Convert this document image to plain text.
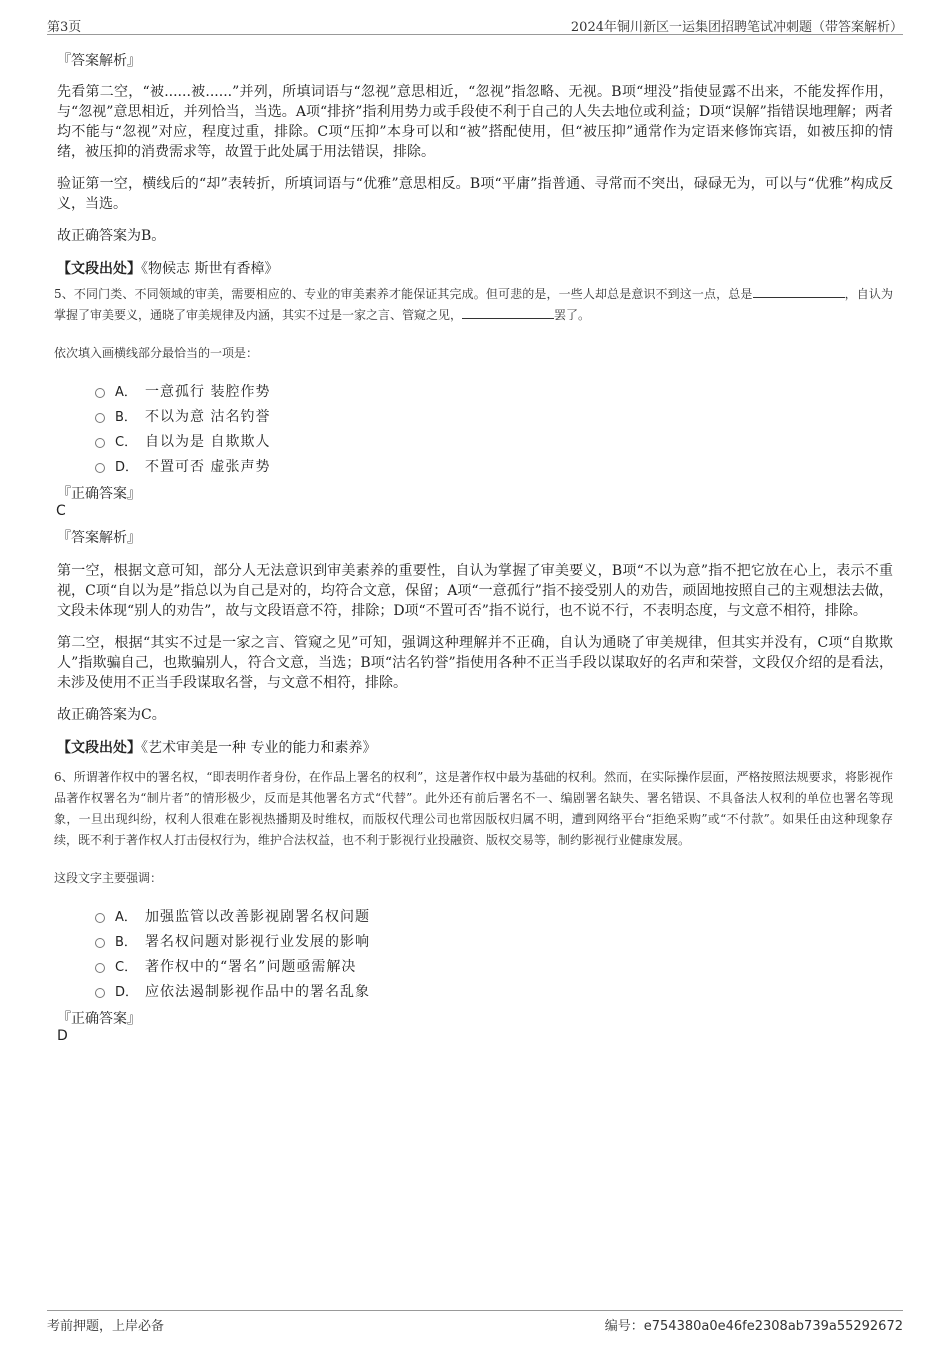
第3页	2024年铜川新区一运集团招聘笔试冲刺题（带答案解析）
『答案解析』

先看第二空，“被......被......”并列，所填词语与“忽视”意思相近，“忽视”指忽略、无视。B项“埋没”指使显露不出来，不能发挥作用，与“忽视”意思相近，并列恰当，当选。A项“排挤”指利用势力或手段使不利于自己的人失去地位或利益；D项“误解”指错误地理解；两者均不能与“忽视”对应，程度过重，排除。C项“压抑”本身可以和“被”搭配使用，但“被压抑”通常作为定语来修饰宾语，如被压抑的情绪，被压抑的消费需求等，故置于此处属于用法错误，排除。

验证第一空，横线后的“却”表转折，所填词语与“优雅”意思相反。B项“平庸”指普通、寻常而不突出，碌碌无为，可以与“优雅”构成反义，当选。

故正确答案为B。

【文段出处】《物候志 斯世有香樟》
5、不同门类、不同领域的审美，需要相应的、专业的审美素养才能保证其完成。但可悲的是，一些人却总是意识不到这一点，总是	，自认为掌握了审美要义，通晓了审美规律及内涵，其实不过是一家之言、管窥之见，	罢了。
依次填入画横线部分最恰当的一项是：
A． 一意孤行 装腔作势
B． 不以为意 沽名钓誉
C． 自以为是 自欺欺人
D． 不置可否 虚张声势
『正确答案』
C
『答案解析』

第一空，根据文意可知，部分人无法意识到审美素养的重要性，自认为掌握了审美要义，B项“不以为意”指不把它放在心上，表示不重视，C项“自以为是”指总以为自己是对的，均符合文意，保留；A项“一意孤行”指不接受别人的劝告，顽固地按照自己的主观想法去做，文段未体现“别人的劝告”，故与文段语意不符，排除；D项“不置可否”指不说行，也不说不行，不表明态度，与文意不相符，排除。

第二空，根据“其实不过是一家之言、管窥之见”可知，强调这种理解并不正确，自认为通晓了审美规律，但其实并没有，C项“自欺欺人”指欺骗自己，也欺骗别人，符合文意，当选；B项“沽名钓誉”指使用各种不正当手段以谋取好的名声和荣誉，文段仅介绍的是看法，未涉及使用不正当手段谋取名誉，与文意不相符，排除。

故正确答案为C。

【文段出处】《艺术审美是一种 专业的能力和素养》
6、所谓著作权中的署名权，“即表明作者身份，在作品上署名的权利”，这是著作权中最为基础的权利。然而，在实际操作层面，严格按照法规要求，将影视作品著作权署名为“制片者”的情形极少，反而是其他署名方式“代替”。此外还有前后署名不一、编剧署名缺失、署名错误、不具备法人权利的单位也署名等现象，一旦出现纠纷，权利人很难在影视热播期及时维权，而版权代理公司也常因版权归属不明，遭到网络平台“拒绝采购”或“不付款”。如果任由这种现象存续，既不利于著作权人打击侵权行为，维护合法权益，也不利于影视行业投融资、版权交易等，制约影视行业健康发展。
这段文字主要强调：
A． 加强监管以改善影视剧署名权问题
B． 署名权问题对影视行业发展的影响
C． 著作权中的“署名”问题亟需解决
D． 应依法遏制影视作品中的署名乱象
『正确答案』
D
考前押题，上岸必备	编号：e754380a0e46fe2308ab739a55292672
